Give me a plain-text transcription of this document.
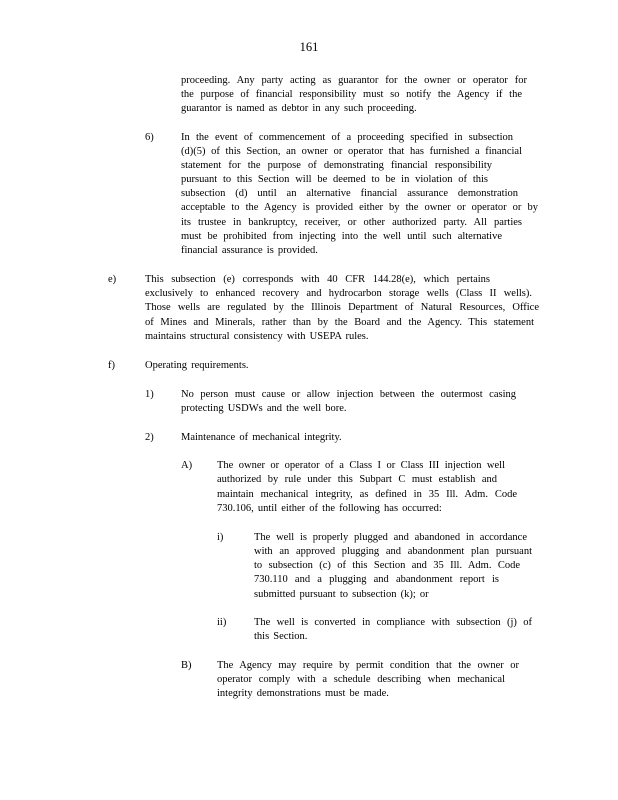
161
proceeding. Any party acting as guarantor for the owner or operator for
the purpose of financial responsibility must so notify the Agency if the
guarantor is named as debtor in any such proceeding.
6)	In the event of commencement of a proceeding specified in subsection
(d)(5) of this Section, an owner or operator that has furnished a financial
statement for the purpose of demonstrating financial responsibility
pursuant to this Section will be deemed to be in violation of this
subsection (d) until an alternative financial assurance demonstration
acceptable to the Agency is provided either by the owner or operator or by
its trustee in bankruptcy, receiver, or other authorized party. All parties
must be prohibited from injecting into the well until such alternative
financial assurance is provided.
e)	This subsection (e) corresponds with 40 CFR 144.28(e), which pertains
exclusively to enhanced recovery and hydrocarbon storage wells (Class II wells).
Those wells are regulated by the Illinois Department of Natural Resources, Office
of Mines and Minerals, rather than by the Board and the Agency. This statement
maintains structural consistency with USEPA rules.
f)	Operating requirements.
1)	No person must cause or allow injection between the outermost casing
protecting USDWs and the well bore.
2)	Maintenance of mechanical integrity.
A) The owner or operator of a Class I or Class III injection well
authorized by rule under this Subpart C must establish and
maintain mechanical integrity, as defined in 35 Ill. Adm. Code
730.106, until either of the following has occurred:
i)	The well is properly plugged and abandoned in accordance
with an approved plugging and abandonment plan pursuant
to subsection (c) of this Section and 35 Ill. Adm. Code
730.110 and a plugging and abandonment report is
submitted pursuant to subsection (k); or
ii)	The well is converted in compliance with subsection (j) of
this Section.
B) The Agency may require by permit condition that the owner or
operator comply with a schedule describing when mechanical
integrity demonstrations must be made.
